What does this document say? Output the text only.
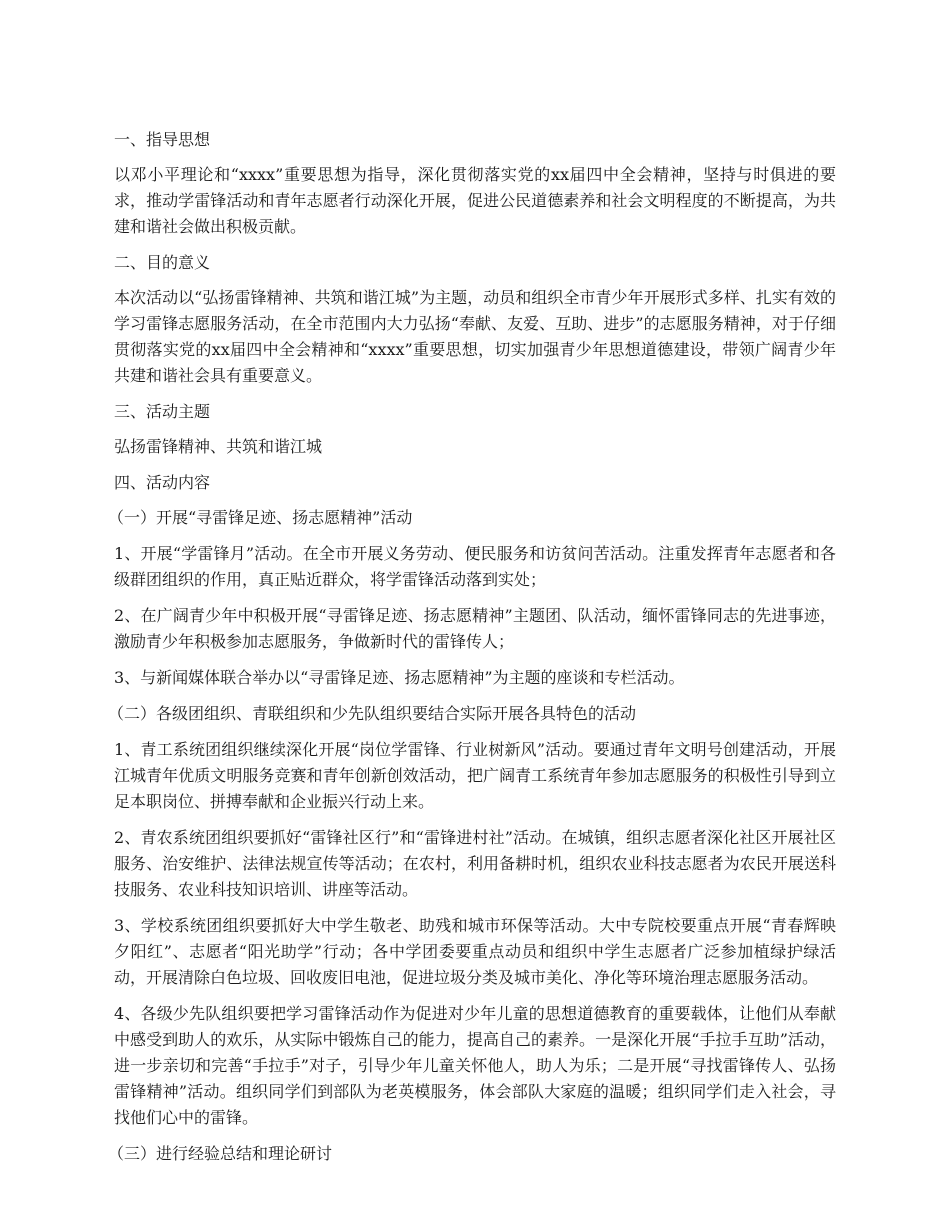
一、指导思想

以邓小平理论和“xxxx”重要思想为指导，深化贯彻落实党的xx届四中全会精神，坚持与时俱进的要求，推动学雷锋活动和青年志愿者行动深化开展，促进公民道德素养和社会文明程度的不断提高，为共建和谐社会做出积极贡献。

二、目的意义

本次活动以“弘扬雷锋精神、共筑和谐江城”为主题，动员和组织全市青少年开展形式多样、扎实有效的学习雷锋志愿服务活动，在全市范围内大力弘扬“奉献、友爱、互助、进步”的志愿服务精神，对于仔细贯彻落实党的xx届四中全会精神和“xxxx”重要思想，切实加强青少年思想道德建设，带领广阔青少年共建和谐社会具有重要意义。

三、活动主题

弘扬雷锋精神、共筑和谐江城

四、活动内容

（一）开展“寻雷锋足迹、扬志愿精神”活动

1、开展“学雷锋月”活动。在全市开展义务劳动、便民服务和访贫问苦活动。注重发挥青年志愿者和各级群团组织的作用，真正贴近群众，将学雷锋活动落到实处；

2、在广阔青少年中积极开展“寻雷锋足迹、扬志愿精神”主题团、队活动，缅怀雷锋同志的先进事迹，激励青少年积极参加志愿服务，争做新时代的雷锋传人；

3、与新闻媒体联合举办以“寻雷锋足迹、扬志愿精神”为主题的座谈和专栏活动。

（二）各级团组织、青联组织和少先队组织要结合实际开展各具特色的活动

1、青工系统团组织继续深化开展“岗位学雷锋、行业树新风”活动。要通过青年文明号创建活动，开展江城青年优质文明服务竞赛和青年创新创效活动，把广阔青工系统青年参加志愿服务的积极性引导到立足本职岗位、拼搏奉献和企业振兴行动上来。

2、青农系统团组织要抓好“雷锋社区行”和“雷锋进村社”活动。在城镇，组织志愿者深化社区开展社区服务、治安维护、法律法规宣传等活动；在农村，利用备耕时机，组织农业科技志愿者为农民开展送科技服务、农业科技知识培训、讲座等活动。

3、学校系统团组织要抓好大中学生敬老、助残和城市环保等活动。大中专院校要重点开展“青春辉映夕阳红”、志愿者“阳光助学”行动；各中学团委要重点动员和组织中学生志愿者广泛参加植绿护绿活动，开展清除白色垃圾、回收废旧电池，促进垃圾分类及城市美化、净化等环境治理志愿服务活动。

4、各级少先队组织要把学习雷锋活动作为促进对少年儿童的思想道德教育的重要载体，让他们从奉献中感受到助人的欢乐，从实际中锻炼自己的能力，提高自己的素养。一是深化开展“手拉手互助”活动，进一步亲切和完善“手拉手”对子，引导少年儿童关怀他人，助人为乐；二是开展“寻找雷锋传人、弘扬雷锋精神”活动。组织同学们到部队为老英模服务，体会部队大家庭的温暖；组织同学们走入社会，寻找他们心中的雷锋。

（三）进行经验总结和理论研讨
